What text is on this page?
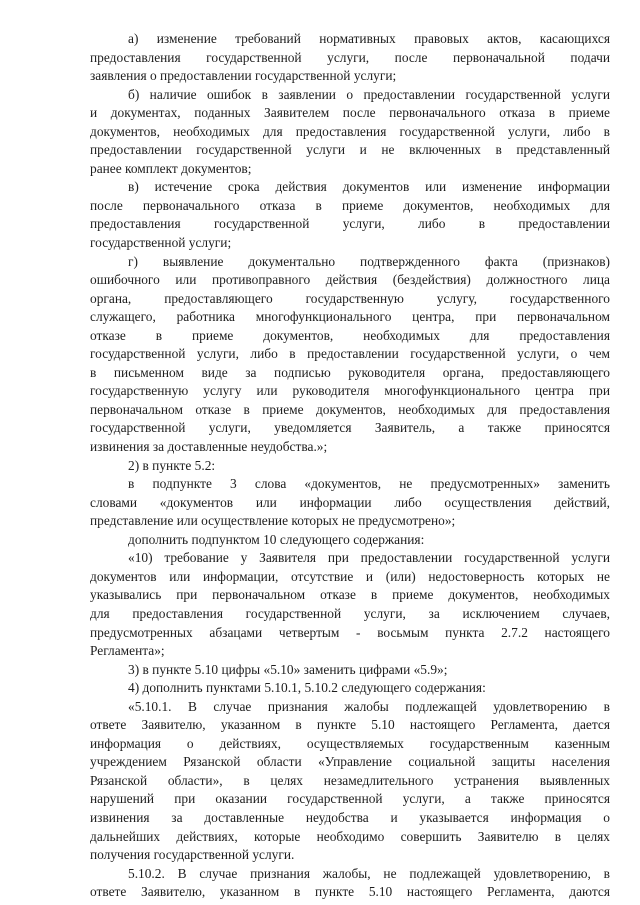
а) изменение требований нормативных правовых актов, касающихся
предоставления государственной услуги, после первоначальной подачи
заявления о предоставлении государственной услуги;
б) наличие ошибок в заявлении о предоставлении государственной услуги
и документах, поданных Заявителем после первоначального отказа в приеме
документов, необходимых для предоставления государственной услуги, либо в
предоставлении государственной услуги и не включенных в представленный
ранее комплект документов;
в) истечение срока действия документов или изменение информации
после первоначального отказа в приеме документов, необходимых для
предоставления государственной услуги, либо в предоставлении
государственной услуги;
г) выявление документально подтвержденного факта (признаков)
ошибочного или противоправного действия (бездействия) должностного лица
органа, предоставляющего государственную услугу, государственного
служащего, работника многофункционального центра, при первоначальном
отказе в приеме документов, необходимых для предоставления
государственной услуги, либо в предоставлении государственной услуги, о чем
в письменном виде за подписью руководителя органа, предоставляющего
государственную услугу или руководителя многофункционального центра при
первоначальном отказе в приеме документов, необходимых для предоставления
государственной услуги, уведомляется Заявитель, а также приносятся
извинения за доставленные неудобства.»;
2) в пункте 5.2:
в подпункте 3 слова «документов, не предусмотренных» заменить
словами «документов или информации либо осуществления действий,
представление или осуществление которых не предусмотрено»;
дополнить подпунктом 10 следующего содержания:
«10) требование у Заявителя при предоставлении государственной услуги
документов или информации, отсутствие и (или) недостоверность которых не
указывались при первоначальном отказе в приеме документов, необходимых
для предоставления государственной услуги, за исключением случаев,
предусмотренных абзацами четвертым - восьмым пункта 2.7.2 настоящего
Регламента»;
3) в пункте 5.10 цифры «5.10» заменить цифрами «5.9»;
4) дополнить пунктами 5.10.1, 5.10.2 следующего содержания:
«5.10.1. В случае признания жалобы подлежащей удовлетворению в
ответе Заявителю, указанном в пункте 5.10 настоящего Регламента, дается
информация о действиях, осуществляемых государственным казенным
учреждением Рязанской области «Управление социальной защиты населения
Рязанской области», в целях незамедлительного устранения выявленных
нарушений при оказании государственной услуги, а также приносятся
извинения за доставленные неудобства и указывается информация о
дальнейших действиях, которые необходимо совершить Заявителю в целях
получения государственной услуги.
5.10.2. В случае признания жалобы, не подлежащей удовлетворению, в
ответе Заявителю, указанном в пункте 5.10 настоящего Регламента, даются
